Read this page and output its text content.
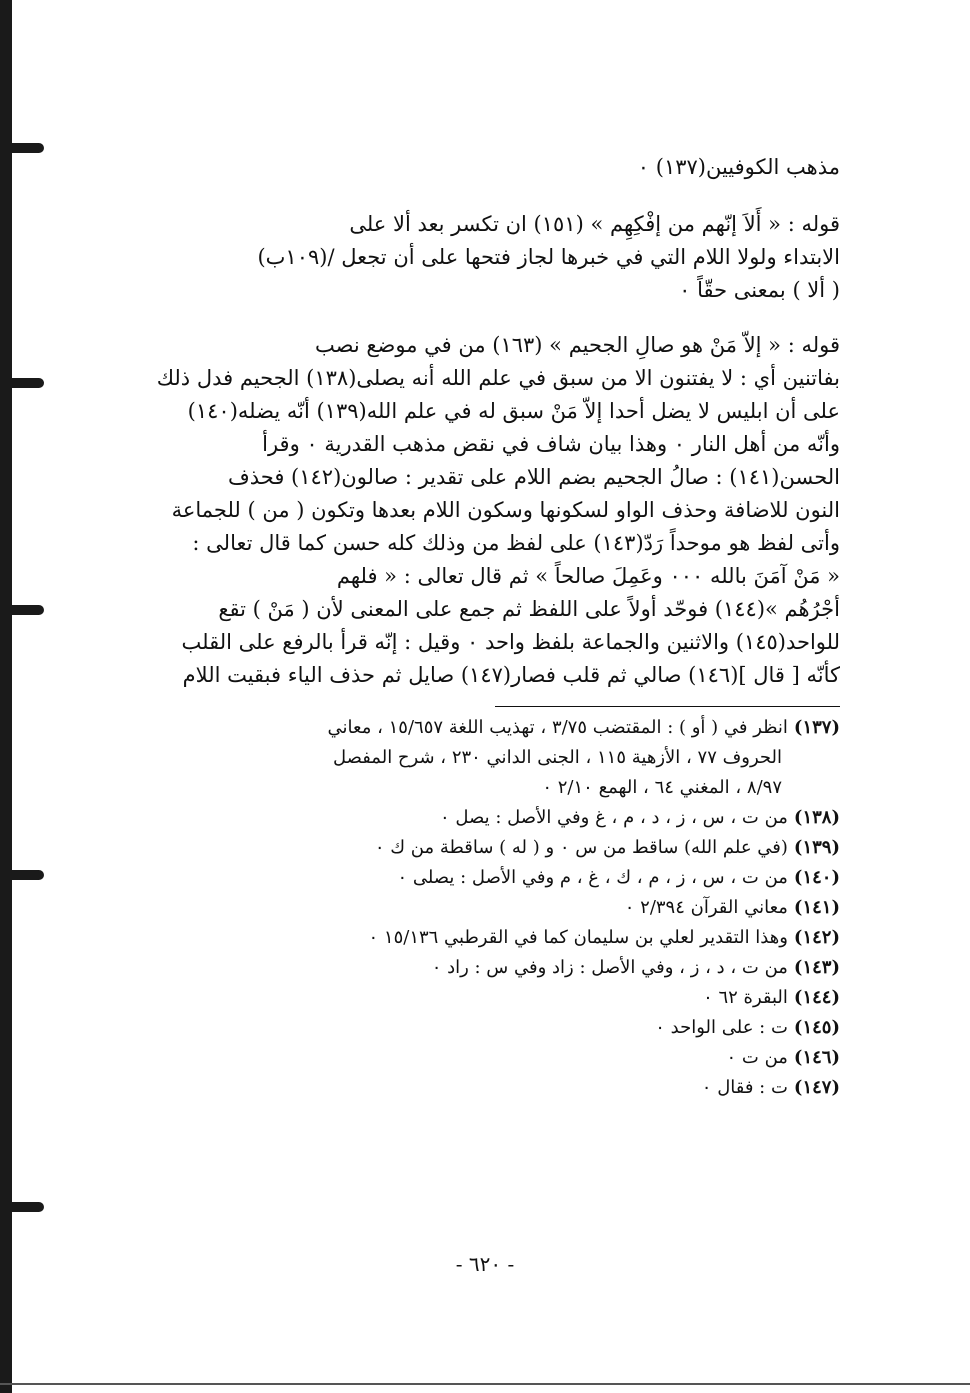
مذهب الكوفيين(١٣٧) ٠

قوله : « أَلاَ إنّهم من إفْكِهِم » (١٥١) ان تكسر بعد ألا على

الابتداء ولولا اللام التي في خبرها لجاز فتحها على أن تجعل /(١٠٩ب)

( ألا ) بمعنى حقّاً ٠

قوله : « إلاّ مَنْ هو صالِ الجحيم » (١٦٣) من في موضع نصب

بفاتنين أي : لا يفتنون الا من سبق في علم الله أنه يصلى(١٣٨) الجحيم فدل ذلك

على أن ابليس لا يضل أحدا إلاّ مَنْ سبق له في علم الله(١٣٩) أنّه يضله(١٤٠)

وأنّه من أهل النار ٠ وهذا بيان شاف في نقض مذهب القدرية ٠ وقرأ

الحسن(١٤١) : صالُ الجحيم بضم اللام على تقدير : صالون(١٤٢) فحذف

النون للاضافة وحذف الواو لسكونها وسكون اللام بعدها وتكون ( من ) للجماعة

وأتى لفظ هو موحداً رَدّ(١٤٣) على لفظ من وذلك كله حسن كما قال تعالى :

« مَنْ آمَنَ بالله ٠٠٠ وعَمِلَ صالحاً » ثم قال تعالى : « فلهم

أجْرُهُم »(١٤٤) فوحّد أولاً على اللفظ ثم جمع على المعنى لأن ( مَنْ ) تقع

للواحد(١٤٥) والاثنين والجماعة بلفظ واحد ٠ وقيل : إنّه قرأ بالرفع على القلب

كأنّه [ قال ](١٤٦) صالي ثم قلب فصار(١٤٧) صايل ثم حذف الياء فبقيت اللام

(١٣٧)انظر في ( أو ) : المقتضب ٣/٧٥ ، تهذيب اللغة ١٥/٦٥٧ ، معاني

الحروف ٧٧ ، الأزهية ١١٥ ، الجنى الداني ٢٣٠ ، شرح المفصل

٨/٩٧ ، المغني ٦٤ ، الهمع ٢/١٠ ٠

(١٣٨)من ت ، س ، ز ، د ، م ، غ وفي الأصل : يصل ٠

(١٣٩)(في علم الله) ساقط من س ٠ و ( له ) ساقطة من ك ٠

(١٤٠)من ت ، س ، ز ، م ، ك ، غ ، م وفي الأصل : يصلى ٠

(١٤١)معاني القرآن ٢/٣٩٤ ٠

(١٤٢)وهذا التقدير لعلي بن سليمان كما في القرطبي ١٥/١٣٦ ٠

(١٤٣)من ت ، د ، ز ، وفي الأصل : زاد وفي س : راد ٠

(١٤٤)البقرة ٦٢ ٠

(١٤٥)ت : على الواحد ٠

(١٤٦)من ت ٠

(١٤٧)ت : فقال ٠

- ٦٢٠ -
